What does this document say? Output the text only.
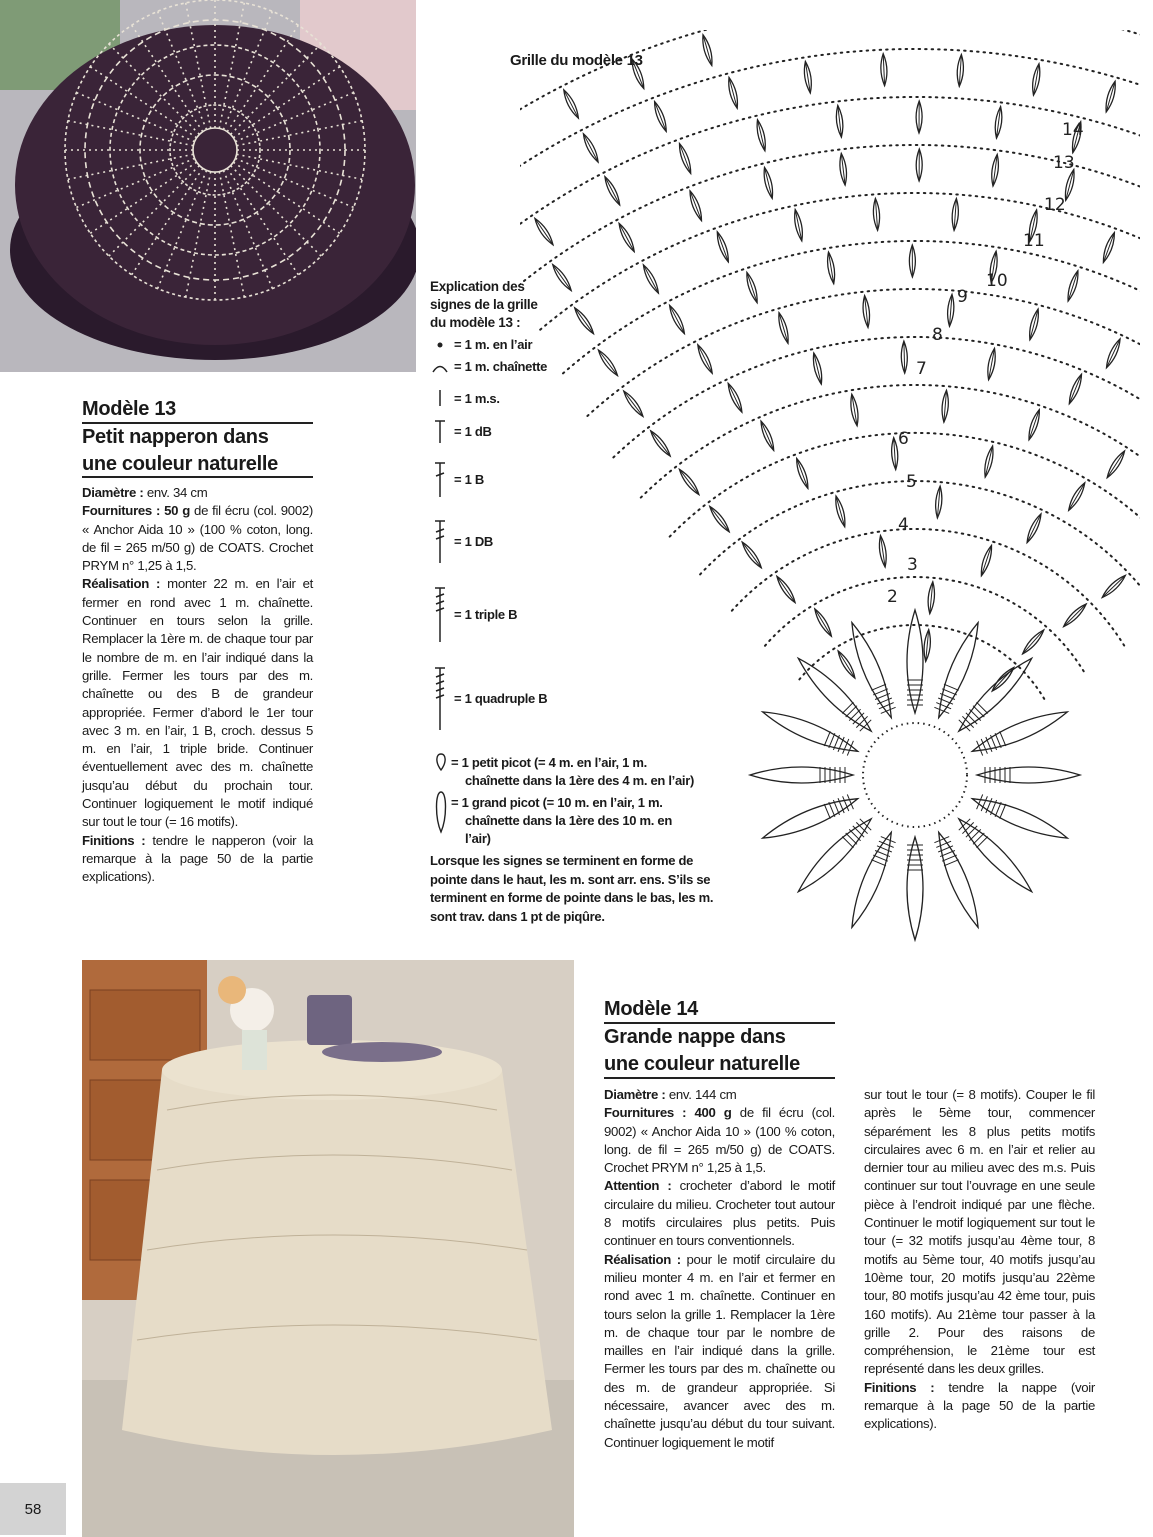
Modèle 13
Petit napperon dans
une couleur naturelle
Diamètre : env. 34 cm
Fournitures : 50 g de fil écru (col. 9002) « Anchor Aida 10 » (100 % coton, long. de fil = 265 m/50 g) de COATS. Crochet PRYM n° 1,25 à 1,5.
Réalisation : monter 22 m. en l’air et fermer en rond avec 1 m. chaînette. Continuer en tours selon la grille. Remplacer la 1ère m. de chaque tour par le nombre de m. en l’air indiqué dans la grille. Fermer les tours par des m. chaînette ou des B de grandeur appropriée. Fermer d’abord le 1er tour avec 3 m. en l’air, 1 B, croch. dessus 5 m. en l’air, 1 triple bride. Continuer éventuellement avec des m. chaînette jusqu’au début du prochain tour. Continuer logiquement le motif indiqué sur tout le tour (= 16 motifs).
Finitions : tendre le napperon (voir la remarque à la page 50 de la partie explications).
Grille du modèle 13
2
3
4
5
6
7
8
9
10
11
12
13
14
Explication des
signes de la grille
du modèle 13 :
= 1 m. en l’air
= 1 m. chaînette
= 1 m.s.
= 1 dB
= 1 B
= 1 DB
= 1 triple B
= 1 quadruple B
= 1 petit picot (= 4 m. en l’air, 1 m.
chaînette dans la 1ère des 4 m. en l’air)
= 1 grand picot (= 10 m. en l’air, 1 m.
chaînette dans la 1ère des 10 m. en
l’air)
Lorsque les signes se terminent en forme de
pointe dans le haut, les m. sont arr. ens. S’ils se
terminent en forme de pointe dans le bas, les m.
sont trav. dans 1 pt de piqûre.
Modèle 14
Grande nappe dans
une couleur naturelle
Diamètre : env. 144 cm
Fournitures : 400 g de fil écru (col. 9002) « Anchor Aida 10 » (100 % coton, long. de fil = 265 m/50 g) de COATS. Crochet PRYM n° 1,25 à 1,5.
Attention : crocheter d’abord le motif circulaire du milieu. Crocheter tout autour 8 motifs circulaires plus petits. Puis continuer en tours conventionnels.
Réalisation : pour le motif circulaire du milieu monter 4 m. en l’air et fermer en rond avec 1 m. chaînette. Continuer en tours selon la grille 1. Remplacer la 1ère m. de chaque tour par le nombre de mailles en l’air indiqué dans la grille. Fermer les tours par des m. chaînette ou des m. de grandeur appropriée. Si nécessaire, avancer avec des m. chaînette jusqu’au début du tour suivant. Continuer logiquement le motif
sur tout le tour (= 8 motifs). Couper le fil après le 5ème tour, commencer séparément les 8 plus petits motifs circulaires avec 6 m. en l’air et relier au dernier tour au milieu avec des m.s. Puis continuer sur tout l’ouvrage en une seule pièce à l’endroit indiqué par une flèche. Continuer le motif logiquement sur tout le tour (= 32 motifs jusqu’au 4ème tour, 8 motifs au 5ème tour, 40 motifs jusqu’au 10ème tour, 20 motifs jusqu’au 22ème tour, 80 motifs jusqu’au 42 ème tour, puis 160 motifs). Au 21ème tour passer à la grille 2. Pour des raisons de compréhension, le 21ème tour est représenté dans les deux grilles.
Finitions : tendre la nappe (voir remarque à la page 50 de la partie explications).
58
